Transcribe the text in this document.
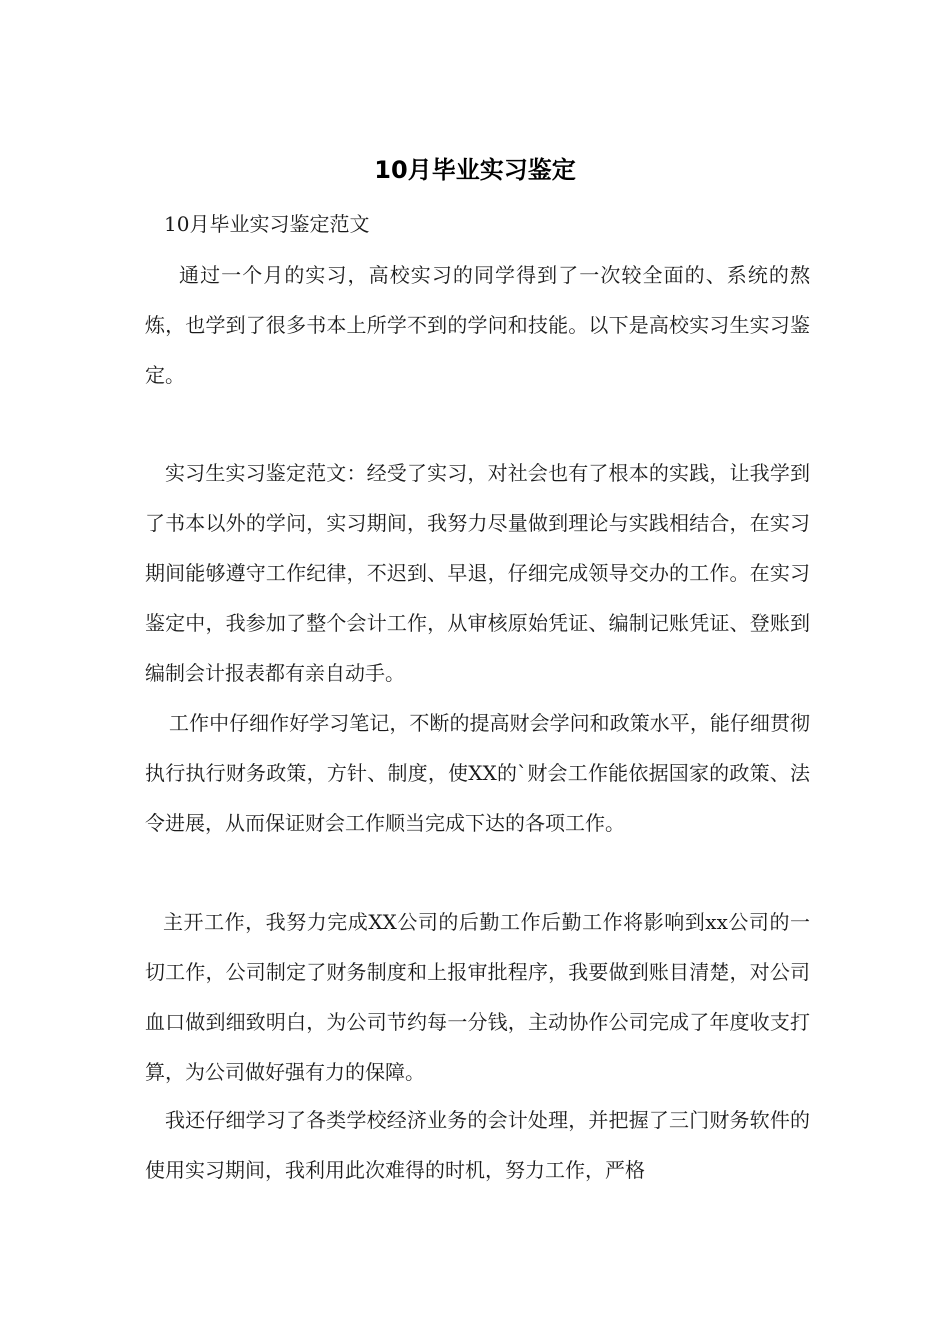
10月毕业实习鉴定
10月毕业实习鉴定范文

通过一个月的实习，高校实习的同学得到了一次较全面的、系统的熬炼，也学到了很多书本上所学不到的学问和技能。以下是高校实习生实习鉴定。

实习生实习鉴定范文：经受了实习，对社会也有了根本的实践，让我学到了书本以外的学问，实习期间，我努力尽量做到理论与实践相结合，在实习期间能够遵守工作纪律，不迟到、早退，仔细完成领导交办的工作。在实习鉴定中，我参加了整个会计工作，从审核原始凭证、编制记账凭证、登账到编制会计报表都有亲自动手。

工作中仔细作好学习笔记，不断的提高财会学问和政策水平，能仔细贯彻执行执行财务政策，方针、制度，使XX的`财会工作能依据国家的政策、法令进展，从而保证财会工作顺当完成下达的各项工作。

主开工作，我努力完成XX公司的后勤工作后勤工作将影响到xx公司的一切工作，公司制定了财务制度和上报审批程序，我要做到账目清楚，对公司血口做到细致明白，为公司节约每一分钱，主动协作公司完成了年度收支打算，为公司做好强有力的保障。

我还仔细学习了各类学校经济业务的会计处理，并把握了三门财务软件的使用实习期间，我利用此次难得的时机，努力工作，严格
